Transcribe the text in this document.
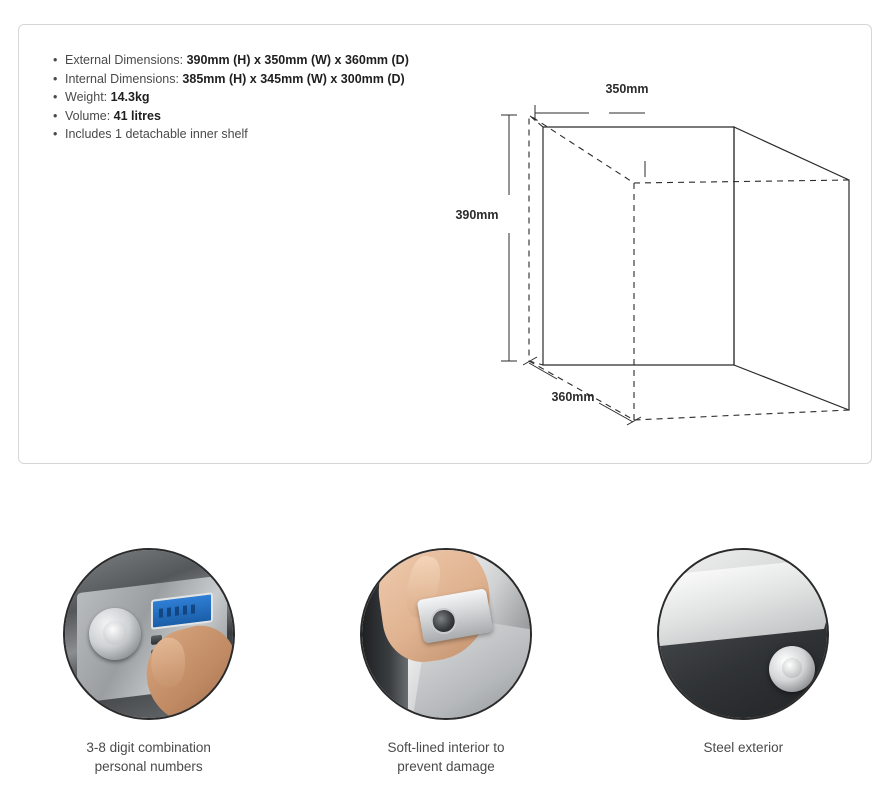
• External Dimensions: 390mm (H) x 350mm (W) x 360mm (D)
• Internal Dimensions: 385mm (H) x 345mm (W) x 300mm (D)
• Weight: 14.3kg
• Volume: 41 litres
• Includes 1 detachable inner shelf
350mm
390mm
360mm
3-8 digit combination
personal numbers
Soft-lined interior to
prevent damage
Steel exterior
